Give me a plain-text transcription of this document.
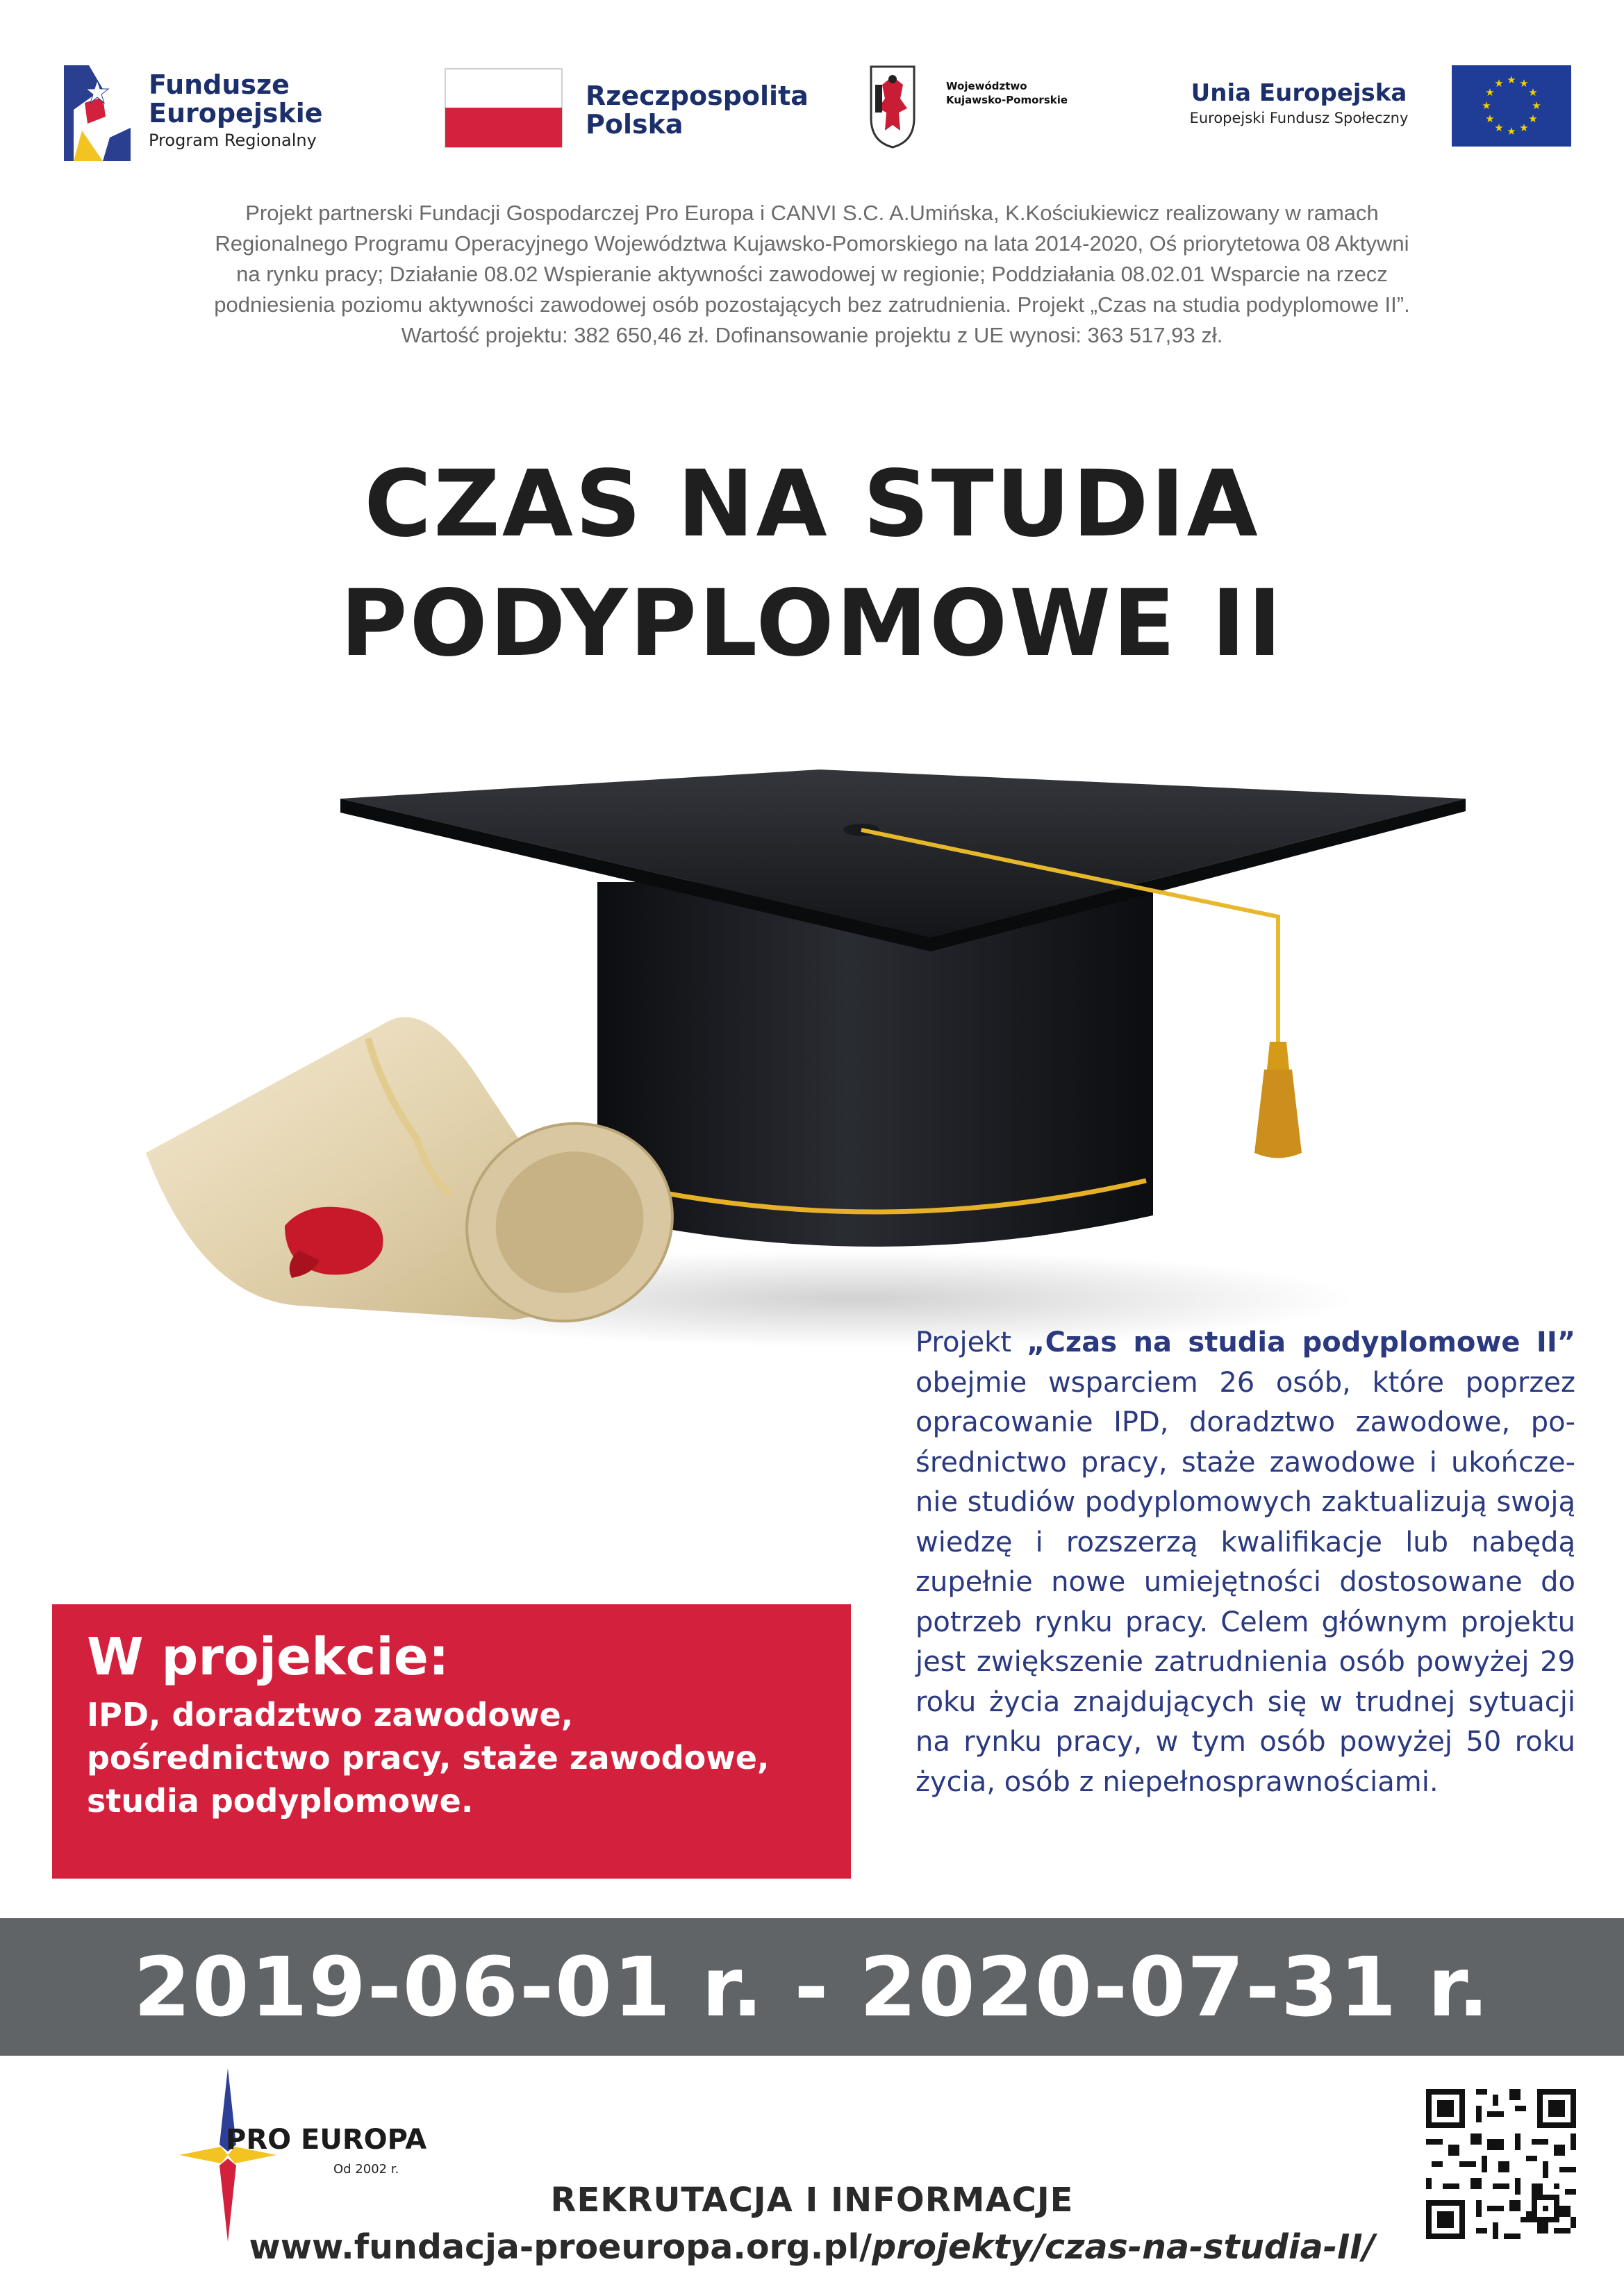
Fundusze
Europejskie
Program Regionalny
Rzeczpospolita
Polska
Województwo
Kujawsko-Pomorskie	Unia Europejska
Europejski Fundusz Społeczny
★ ★
★
★
★
★
★
★
★
★
★
★

Projekt partnerski Fundacji Gospodarczej Pro Europa i CANVI S.C. A.Umińska, K.Kościukiewicz realizowany w ramach
Regionalnego Programu Operacyjnego Województwa Kujawsko-Pomorskiego na lata 2014-2020, Oś priorytetowa 08 Aktywni
na rynku pracy; Działanie 08.02 Wspieranie aktywności zawodowej w regionie; Poddziałania 08.02.01 Wsparcie na rzecz
podniesienia poziomu aktywności zawodowej osób pozostających bez zatrudnienia. Projekt „Czas na studia podyplomowe II”.
Wartość projektu: 382 650,46 zł. Dofinansowanie projektu z UE wynosi: 363 517,93 zł.

CZAS NA STUDIA
PODYPLOMOWE II

Projekt „Czas na studia podyplomowe II” obejmie wsparciem 26 osób, które poprzez opracowanie IPD, doradztwo zawodowe, pośrednictwo pracy, staże zawodowe i ukończenie studiów podyplomowych zaktualizują swoją wiedzę i rozszerzą kwalifikacje lub nabędą zupełnie nowe umiejętności dostosowane do potrzeb rynku pracy. Celem głównym projektu jest zwiększenie zatrudnienia osób powyżej 29 roku życia znajdujących się w trudnej sytuacji na rynku pracy, w tym osób powyżej 50 roku życia, osób z niepełnosprawnościami.

W projekcie:

IPD, doradztwo zawodowe,
pośrednictwo pracy, staże zawodowe,
studia podyplomowe.

2019-06-01 r. - 2020-07-31 r.
PRO EUROPA
Od 2002 r.
REKRUTACJA I INFORMACJE
www.fundacja-proeuropa.org.pl/projekty/czas-na-studia-II/
